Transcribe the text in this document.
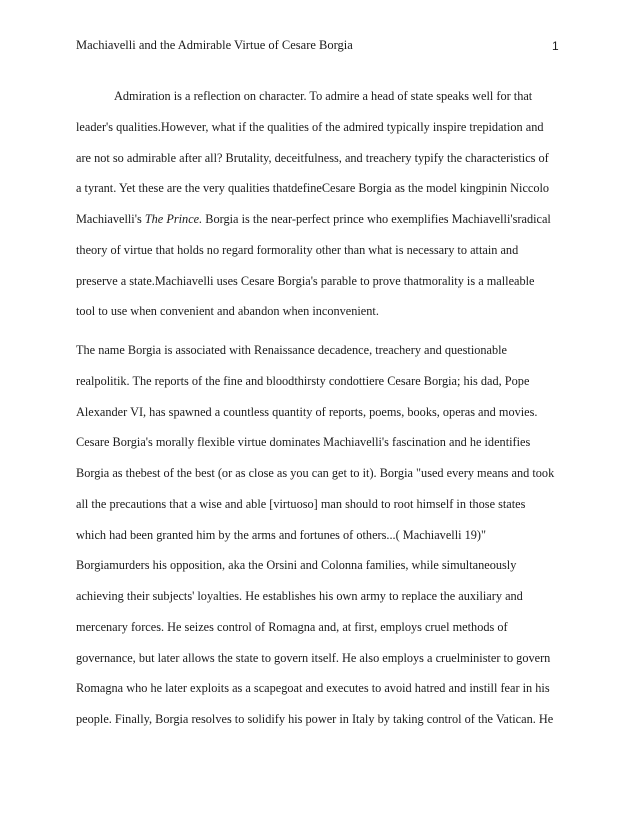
Machiavelli and the Admirable Virtue of Cesare Borgia	1
Admiration is a reflection on character. To admire a head of state speaks well for that
leader's qualities.However, what if the qualities of the admired typically inspire trepidation and
are not so admirable after all? Brutality, deceitfulness, and treachery typify the characteristics of
a tyrant. Yet these are the very qualities thatdefineCesare Borgia as the model kingpinin Niccolo
Machiavelli's The Prince. Borgia is the near-perfect prince who exemplifies Machiavelli'sradical
theory of virtue that holds no regard formorality other than what is necessary to attain and
preserve a state.Machiavelli uses Cesare Borgia's parable to prove thatmorality is a malleable
tool to use when convenient and abandon when inconvenient.
The name Borgia is associated with Renaissance decadence, treachery and questionable
realpolitik. The reports of the fine and bloodthirsty condottiere Cesare Borgia; his dad, Pope
Alexander VI, has spawned a countless quantity of reports, poems, books, operas and movies.
Cesare Borgia's morally flexible virtue dominates Machiavelli's fascination and he identifies
Borgia as thebest of the best (or as close as you can get to it). Borgia "used every means and took
all the precautions that a wise and able [virtuoso] man should to root himself in those states
which had been granted him by the arms and fortunes of others...( Machiavelli 19)"
Borgiamurders his opposition, aka the Orsini and Colonna families, while simultaneously
achieving their subjects' loyalties. He establishes his own army to replace the auxiliary and
mercenary forces. He seizes control of Romagna and, at first, employs cruel methods of
governance, but later allows the state to govern itself. He also employs a cruelminister to govern
Romagna who he later exploits as a scapegoat and executes to avoid hatred and instill fear in his
people. Finally, Borgia resolves to solidify his power in Italy by taking control of the Vatican. He
